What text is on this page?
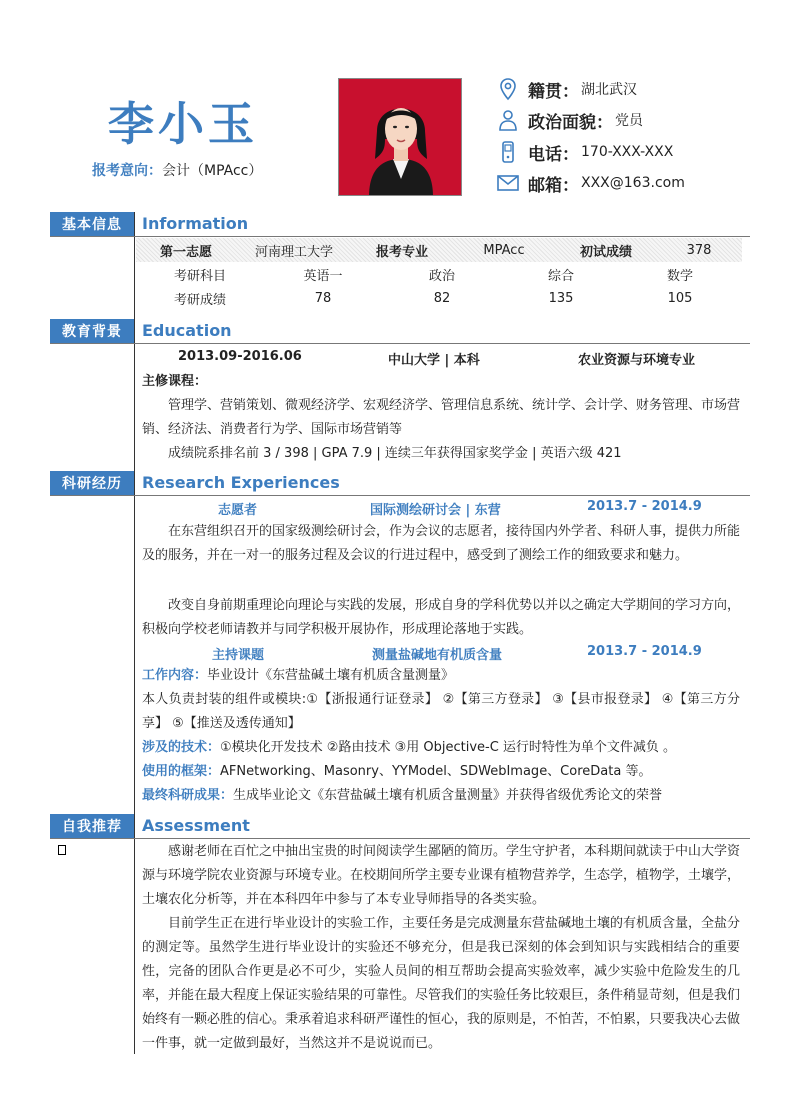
李小玉
报考意向：会计（MPAcc）
籍贯： 湖北武汉
政治面貌： 党员
电话： 170-XXX-XXX
邮箱： XXX@163.com
基本信息	Information
第一志愿	河南理工大学	报考专业	MPAcc	初试成绩	378
考研科目	英语一	政治	综合	数学
考研成绩	78	82	135	105
教育背景	Education
2013.09-2016.06	中山大学 | 本科	农业资源与环境专业
主修课程：
管理学、营销策划、微观经济学、宏观经济学、管理信息系统、统计学、会计学、财务管理、市场营销、经济法、消费者行为学、国际市场营销等
成绩院系排名前 3 / 398 | GPA 7.9 | 连续三年获得国家奖学金 | 英语六级 421
科研经历	Research Experiences
志愿者	国际测绘研讨会 | 东营	2013.7 - 2014.9
在东营组织召开的国家级测绘研讨会，作为会议的志愿者，接待国内外学者、科研人事，提供力所能及的服务，并在一对一的服务过程及会议的行进过程中，感受到了测绘工作的细致要求和魅力。
改变自身前期重理论向理论与实践的发展，形成自身的学科优势以并以之确定大学期间的学习方向，积极向学校老师请教并与同学积极开展协作，形成理论落地于实践。
主持课题	测量盐碱地有机质含量	2013.7 - 2014.9
工作内容：毕业设计《东营盐碱土壤有机质含量测量》
本人负责封装的组件或模块:①【浙报通行证登录】 ②【第三方登录】 ③【县市报登录】 ④【第三方分享】 ⑤【推送及透传通知】
涉及的技术：①模块化开发技术 ②路由技术 ③用 Objective-C 运行时特性为单个文件减负 。
使用的框架：AFNetworking、Masonry、YYModel、SDWebImage、CoreData 等。
最终科研成果：生成毕业论文《东营盐碱土壤有机质含量测量》并获得省级优秀论文的荣誉
自我推荐	Assessment
感谢老师在百忙之中抽出宝贵的时间阅读学生鄙陋的简历。学生守护者，本科期间就读于中山大学资源与环境学院农业资源与环境专业。在校期间所学主要专业课有植物营养学，生态学，植物学，土壤学，土壤农化分析等，并在本科四年中参与了本专业导师指导的各类实验。
目前学生正在进行毕业设计的实验工作，主要任务是完成测量东营盐碱地土壤的有机质含量，全盐分的测定等。虽然学生进行毕业设计的实验还不够充分，但是我已深刻的体会到知识与实践相结合的重要性，完备的团队合作更是必不可少，实验人员间的相互帮助会提高实验效率，减少实验中危险发生的几率，并能在最大程度上保证实验结果的可靠性。尽管我们的实验任务比较艰巨，条件稍显苛刻，但是我们始终有一颗必胜的信心。秉承着追求科研严谨性的恒心，我的原则是，不怕苦，不怕累，只要我决心去做一件事，就一定做到最好，当然这并不是说说而已。
